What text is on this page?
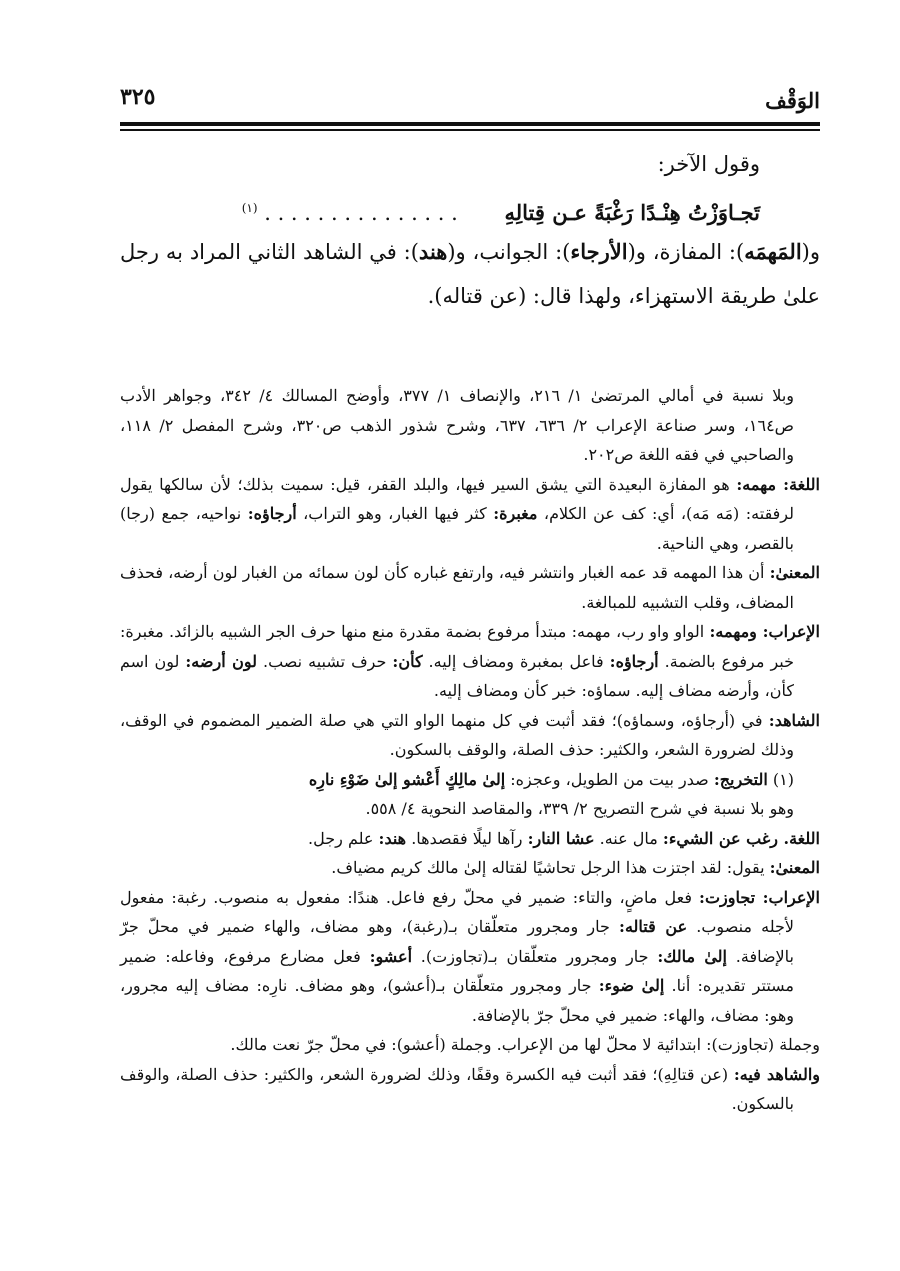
الوَقْف
٣٢٥
وقول الآخر:
تَجـاوَزْتُ هِنْـدًا رَغْبَةً عـن قِتالِهِ . . . . . . . . . . . . . . . $^{(١)}$
و(المَهمَه): المفازة، و(الأرجاء): الجوانب، و(هند): في الشاهد الثاني المراد به رجل علىٰ طريقة الاستهزاء، ولهذا قال: (عن قتاله).
وبلا نسبة في أمالي المرتضىٰ ١/ ٢١٦، والإنصاف ١/ ٣٧٧، وأوضح المسالك ٤/ ٣٤٢، وجواهر الأدب ص١٦٤، وسر صناعة الإعراب ٢/ ٦٣٦، ٦٣٧، وشرح شذور الذهب ص٣٢٠، وشرح المفصل ٢/ ١١٨، والصاحبي في فقه اللغة ص٢٠٢.
اللغة: مهمه: هو المفازة البعيدة التي يشق السير فيها، والبلد القفر، قيل: سميت بذلك؛ لأن سالكها يقول لرفقته: (مَه مَه)، أي: كف عن الكلام، مغبرة: كثر فيها الغبار، وهو التراب، أرجاؤه: نواحيه، جمع (رجا) بالقصر، وهي الناحية.
المعنىٰ: أن هذا المهمه قد عمه الغبار وانتشر فيه، وارتفع غباره كأن لون سمائه من الغبار لون أرضه، فحذف المضاف، وقلب التشبيه للمبالغة.
الإعراب: ومهمه: الواو واو رب، مهمه: مبتدأ مرفوع بضمة مقدرة منع منها حرف الجر الشبيه بالزائد. مغبرة: خبر مرفوع بالضمة. أرجاؤه: فاعل بمغبرة ومضاف إليه. كأن: حرف تشبيه نصب. لون أرضه: لون اسم كأن، وأرضه مضاف إليه. سماؤه: خبر كأن ومضاف إليه.
الشاهد: في (أرجاؤه، وسماؤه)؛ فقد أثبت في كل منهما الواو التي هي صلة الضمير المضموم في الوقف، وذلك لضرورة الشعر، والكثير: حذف الصلة، والوقف بالسكون.
(١) التخريج: صدر بيت من الطويل، وعجزه: إلىٰ مالِكٍ أَعْشو إلىٰ ضَوْءِ نارِه
وهو بلا نسبة في شرح التصريح ٢/ ٣٣٩، والمقاصد النحوية ٤/ ٥٥٨.
اللغة. رغب عن الشيء: مال عنه. عشا النار: رآها ليلًا فقصدها. هند: علم رجل.
المعنىٰ: يقول: لقد اجتزت هذا الرجل تحاشيًا لقتاله إلىٰ مالك كريم مضياف.
الإعراب: تجاوزت: فعل ماضٍ، والتاء: ضمير في محلّ رفع فاعل. هندًا: مفعول به منصوب. رغبة: مفعول لأجله منصوب. عن قتاله: جار ومجرور متعلّقان بـ(رغبة)، وهو مضاف، والهاء ضمير في محلّ جرّ بالإضافة. إلىٰ مالك: جار ومجرور متعلّقان بـ(تجاوزت). أعشو: فعل مضارع مرفوع، وفاعله: ضمير مستتر تقديره: أنا. إلىٰ ضوء: جار ومجرور متعلّقان بـ(أعشو)، وهو مضاف. نارِه: مضاف إليه مجرور، وهو: مضاف، والهاء: ضمير في محلّ جرّ بالإضافة.
وجملة (تجاوزت): ابتدائية لا محلّ لها من الإعراب. وجملة (أعشو): في محلّ جرّ نعت مالك.
والشاهد فيه: (عن قتالِهِ)؛ فقد أثبت فيه الكسرة وقفًا، وذلك لضرورة الشعر، والكثير: حذف الصلة، والوقف بالسكون.
